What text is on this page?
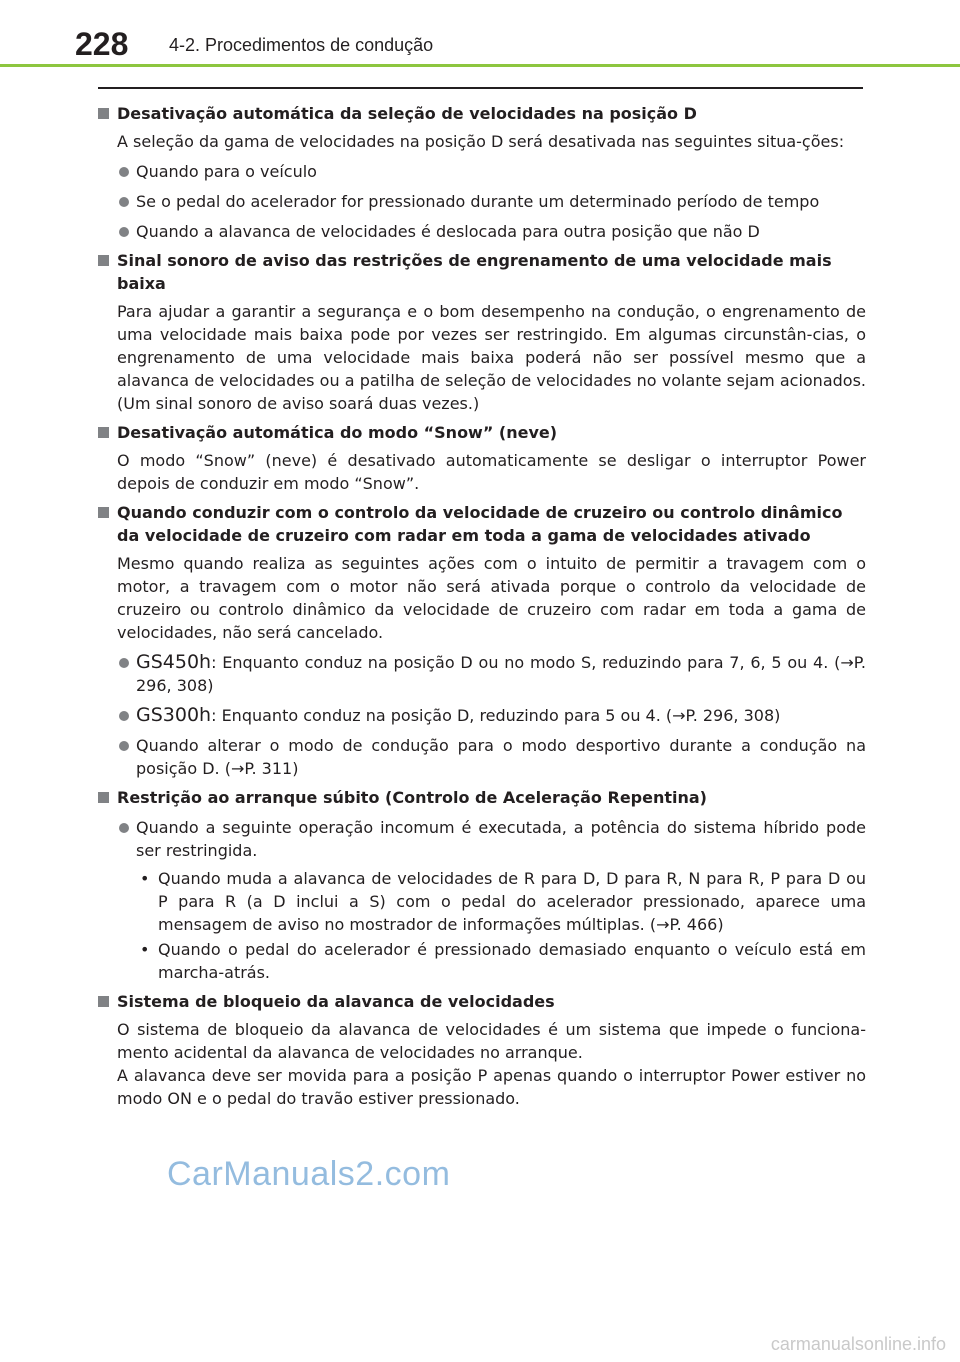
228 4-2. Procedimentos de condução
Desativação automática da seleção de velocidades na posição D
A seleção da gama de velocidades na posição D será desativada nas seguintes situa-ções:
Quando para o veículo
Se o pedal do acelerador for pressionado durante um determinado período de tempo
Quando a alavanca de velocidades é deslocada para outra posição que não D
Sinal sonoro de aviso das restrições de engrenamento de uma velocidade mais baixa
Para ajudar a garantir a segurança e o bom desempenho na condução, o engrenamento de uma velocidade mais baixa pode por vezes ser restringido. Em algumas circunstân-cias, o engrenamento de uma velocidade mais baixa poderá não ser possível mesmo que a alavanca de velocidades ou a patilha de seleção de velocidades no volante sejam acionados. (Um sinal sonoro de aviso soará duas vezes.)
Desativação automática do modo “Snow” (neve)
O modo “Snow” (neve) é desativado automaticamente se desligar o interruptor Power depois de conduzir em modo “Snow”.
Quando conduzir com o controlo da velocidade de cruzeiro ou controlo dinâmico da velocidade de cruzeiro com radar em toda a gama de velocidades ativado
Mesmo quando realiza as seguintes ações com o intuito de permitir a travagem com o motor, a travagem com o motor não será ativada porque o controlo da velocidade de cruzeiro ou controlo dinâmico da velocidade de cruzeiro com radar em toda a gama de velocidades, não será cancelado.
GS450h: Enquanto conduz na posição D ou no modo S, reduzindo para 7, 6, 5 ou 4. (→P. 296, 308)
GS300h: Enquanto conduz na posição D, reduzindo para 5 ou 4. (→P. 296, 308)
Quando alterar o modo de condução para o modo desportivo durante a condução na posição D. (→P. 311)
Restrição ao arranque súbito (Controlo de Aceleração Repentina)
Quando a seguinte operação incomum é executada, a potência do sistema híbrido pode ser restringida.
• Quando muda a alavanca de velocidades de R para D, D para R, N para R, P para D ou P para R (a D inclui a S) com o pedal do acelerador pressionado, aparece uma mensagem de aviso no mostrador de informações múltiplas. (→P. 466)
• Quando o pedal do acelerador é pressionado demasiado enquanto o veículo está em marcha-atrás.
Sistema de bloqueio da alavanca de velocidades
O sistema de bloqueio da alavanca de velocidades é um sistema que impede o funciona-mento acidental da alavanca de velocidades no arranque.
A alavanca deve ser movida para a posição P apenas quando o interruptor Power estiver no modo ON e o pedal do travão estiver pressionado.
CarManuals2.com
carmanualsonline.info
